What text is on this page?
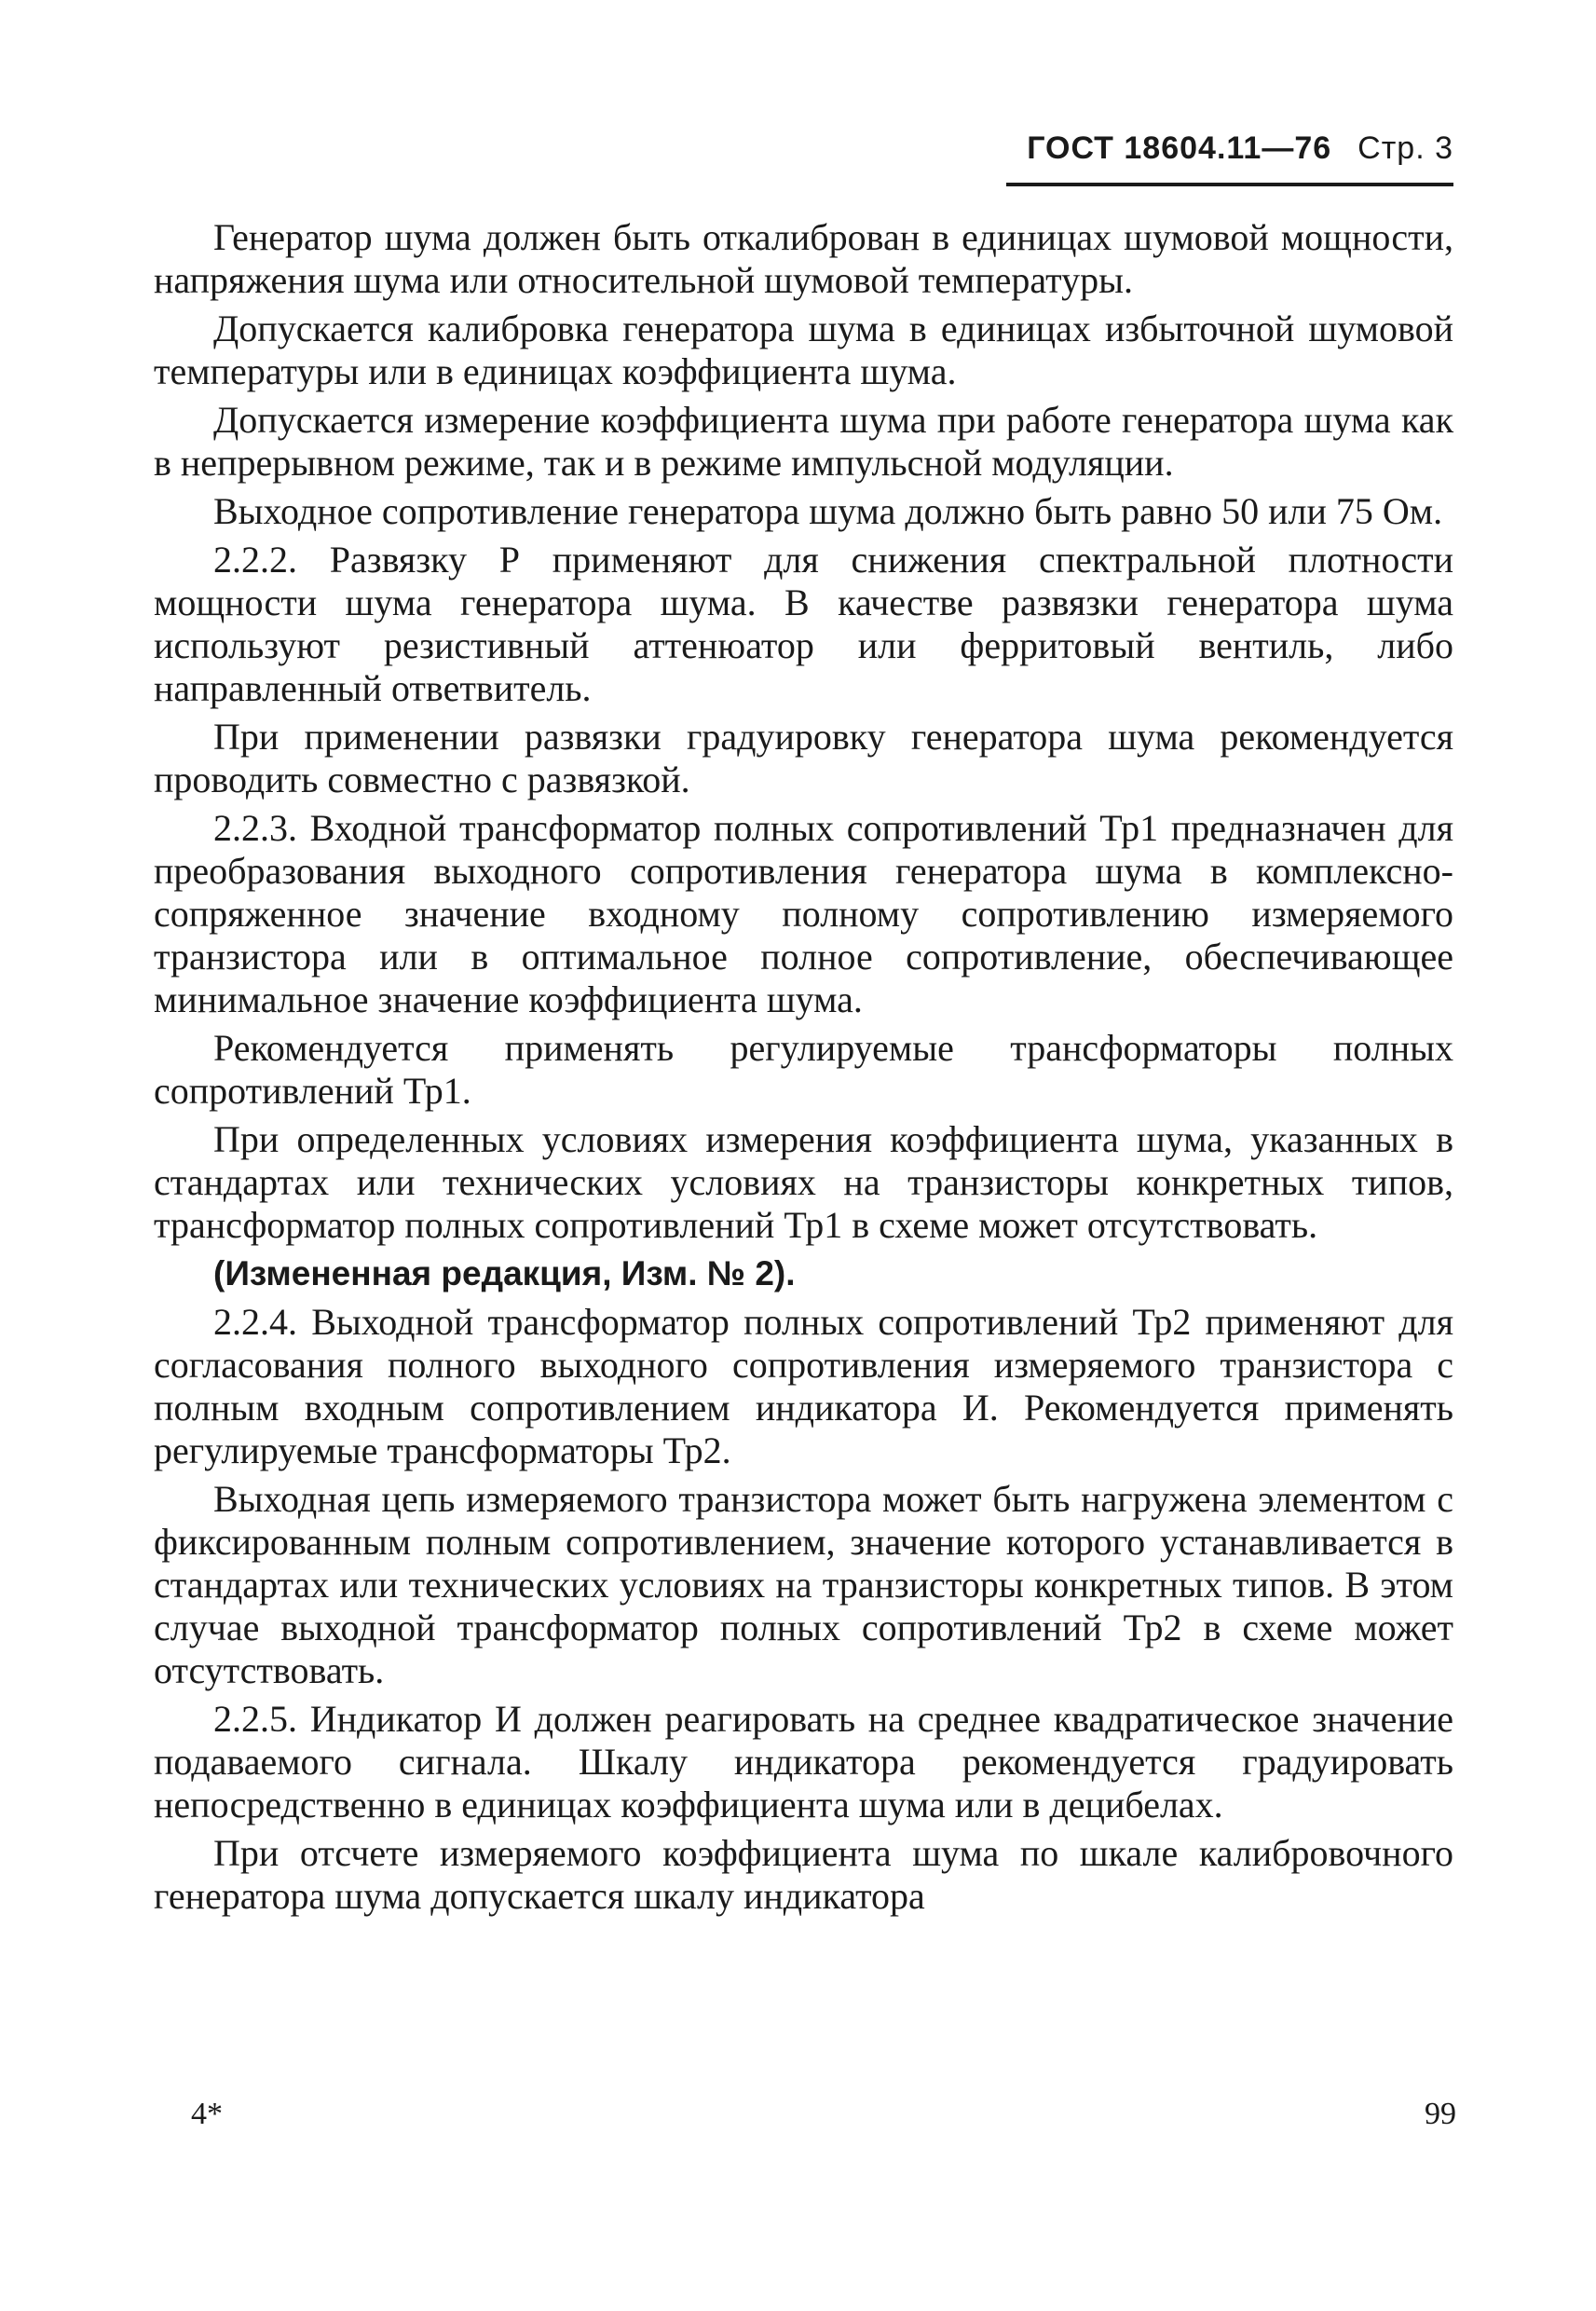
ГОСТ 18604.11—76 Стр. 3

Генератор шума должен быть откалиброван в единицах шумовой мощности, напряжения шума или относительной шумовой температуры.

Допускается калибровка генератора шума в единицах избыточной шумовой температуры или в единицах коэффициента шума.

Допускается измерение коэффициента шума при работе генератора шума как в непрерывном режиме, так и в режиме импульсной модуляции.

Выходное сопротивление генератора шума должно быть равно 50 или 75 Ом.

2.2.2. Развязку Р применяют для снижения спектральной плотности мощности шума генератора шума. В качестве развязки генератора шума используют резистивный аттенюатор или ферритовый вентиль, либо направленный ответвитель.

При применении развязки градуировку генератора шума рекомендуется проводить совместно с развязкой.

2.2.3. Входной трансформатор полных сопротивлений Тр1 предназначен для преобразования выходного сопротивления генератора шума в комплексно-сопряженное значение входному полному сопротивлению измеряемого транзистора или в оптимальное полное сопротивление, обеспечивающее минимальное значение коэффициента шума.

Рекомендуется применять регулируемые трансформаторы полных сопротивлений Тр1.

При определенных условиях измерения коэффициента шума, указанных в стандартах или технических условиях на транзисторы конкретных типов, трансформатор полных сопротивлений Тр1 в схеме может отсутствовать.

(Измененная редакция, Изм. № 2).

2.2.4. Выходной трансформатор полных сопротивлений Тр2 применяют для согласования полного выходного сопротивления измеряемого транзистора с полным входным сопротивлением индикатора И. Рекомендуется применять регулируемые трансформаторы Тр2.

Выходная цепь измеряемого транзистора может быть нагружена элементом с фиксированным полным сопротивлением, значение которого устанавливается в стандартах или технических условиях на транзисторы конкретных типов. В этом случае выходной трансформатор полных сопротивлений Тр2 в схеме может отсутствовать.

2.2.5. Индикатор И должен реагировать на среднее квадратическое значение подаваемого сигнала. Шкалу индикатора рекомендуется градуировать непосредственно в единицах коэффициента шума или в децибелах.

При отсчете измеряемого коэффициента шума по шкале калибровочного генератора шума допускается шкалу индикатора

4*	99
